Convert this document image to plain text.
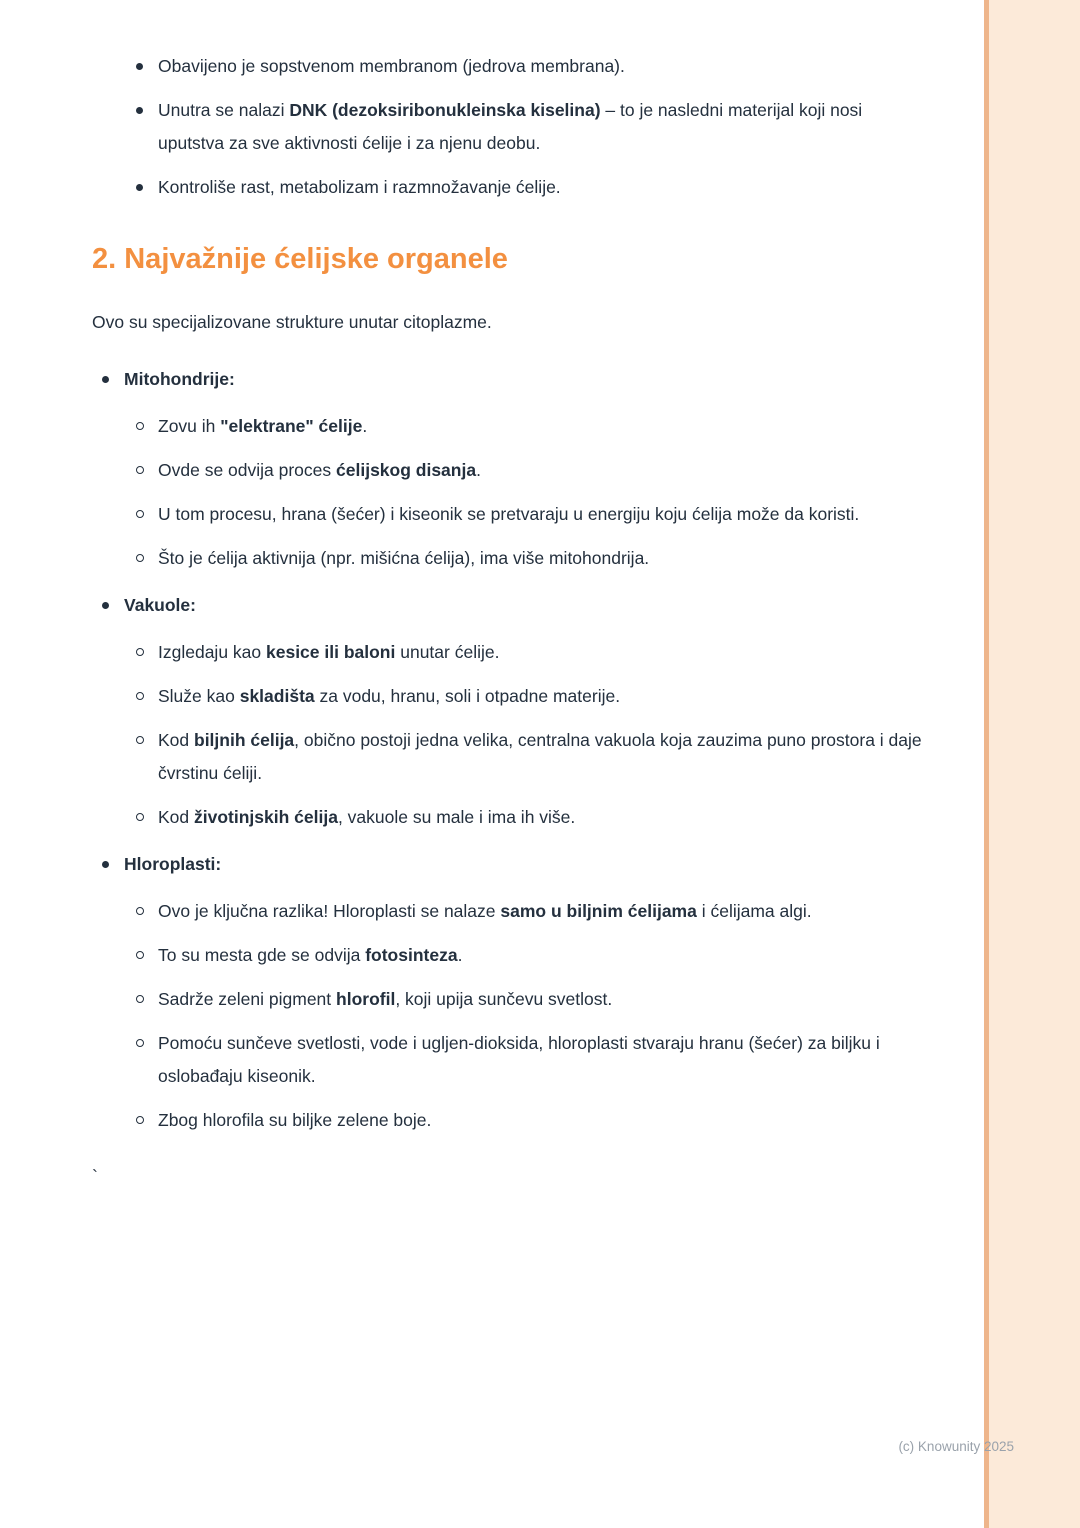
Obavijeno je sopstvenom membranom (jedrova membrana).
Unutra se nalazi DNK (dezoksiribonukleinska kiselina) – to je nasledni materijal koji nosi uputstva za sve aktivnosti ćelije i za njenu deobu.
Kontroliše rast, metabolizam i razmnožavanje ćelije.
2. Najvažnije ćelijske organele

Ovo su specijalizovane strukture unutar citoplazme.

Mitohondrije:
Zovu ih "elektrane" ćelije.
Ovde se odvija proces ćelijskog disanja.
U tom procesu, hrana (šećer) i kiseonik se pretvaraju u energiju koju ćelija može da koristi.
Što je ćelija aktivnija (npr. mišićna ćelija), ima više mitohondrija.
Vakuole:
Izgledaju kao kesice ili baloni unutar ćelije.
Služe kao skladišta za vodu, hranu, soli i otpadne materije.
Kod biljnih ćelija, obično postoji jedna velika, centralna vakuola koja zauzima puno prostora i daje čvrstinu ćeliji.
Kod životinjskih ćelija, vakuole su male i ima ih više.
Hloroplasti:
Ovo je ključna razlika! Hloroplasti se nalaze samo u biljnim ćelijama i ćelijama algi.
To su mesta gde se odvija fotosinteza.
Sadrže zeleni pigment hlorofil, koji upija sunčevu svetlost.
Pomoću sunčeve svetlosti, vode i ugljen-dioksida, hloroplasti stvaraju hranu (šećer) za biljku i oslobađaju kiseonik.
Zbog hlorofila su biljke zelene boje.
`
(c) Knowunity 2025
